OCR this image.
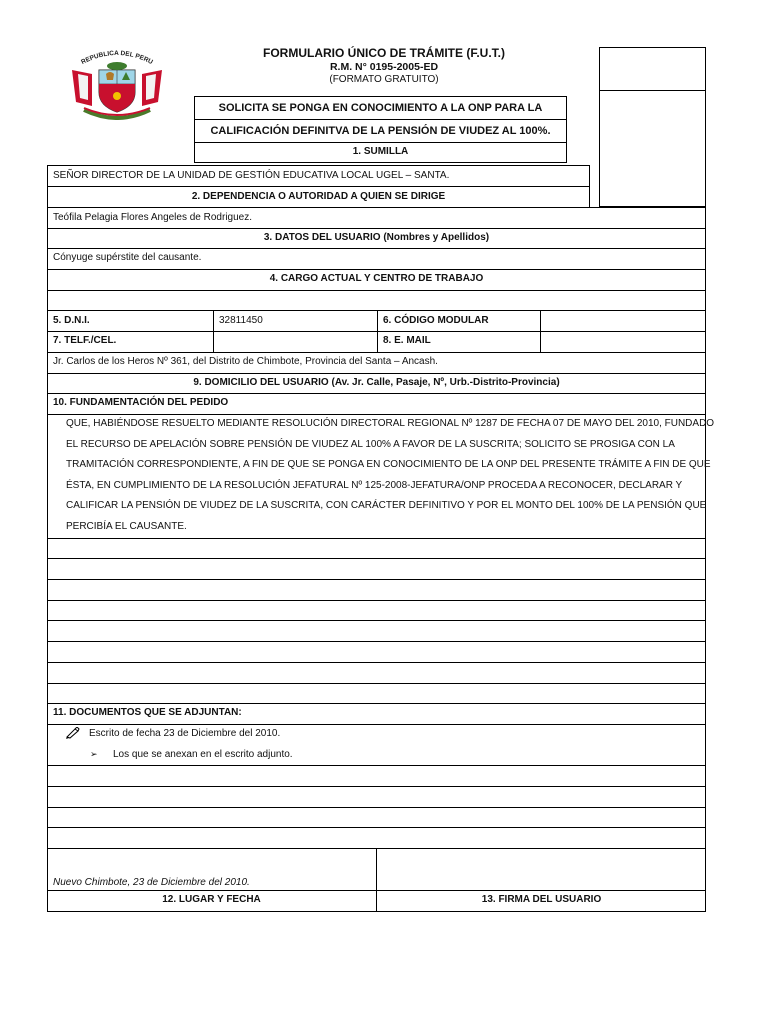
REPUBLICA DEL PERU
FORMULARIO ÚNICO DE TRÁMITE (F.U.T.)
R.M. N° 0195-2005-ED
(FORMATO GRATUITO)
SOLICITA SE PONGA EN CONOCIMIENTO A LA ONP PARA LA
CALIFICACIÓN DEFINITVA DE LA PENSIÓN DE VIUDEZ AL 100%.
1. SUMILLA
SEÑOR DIRECTOR DE LA UNIDAD DE GESTIÓN EDUCATIVA LOCAL UGEL – SANTA.
2. DEPENDENCIA O AUTORIDAD A QUIEN SE DIRIGE
Teófila Pelagia Flores Angeles de Rodriguez.
3. DATOS DEL USUARIO (Nombres y Apellidos)
Cónyuge supérstite del causante.
4. CARGO ACTUAL Y CENTRO DE TRABAJO
5. D.N.I.	32811450	6. CÓDIGO MODULAR
7. TELF./CEL.	8. E. MAIL
Jr. Carlos de los Heros Nº 361, del Distrito de Chimbote, Provincia del Santa – Ancash.
9. DOMICILIO DEL USUARIO (Av. Jr. Calle, Pasaje, Nº, Urb.-Distrito-Provincia)
10. FUNDAMENTACIÓN DEL PEDIDO
QUE, HABIÉNDOSE RESUELTO MEDIANTE RESOLUCIÓN DIRECTORAL REGIONAL Nº 1287 DE FECHA 07 DE MAYO DEL 2010, FUNDADO
EL RECURSO DE APELACIÓN SOBRE PENSIÓN DE VIUDEZ AL 100% A FAVOR DE LA SUSCRITA; SOLICITO SE PROSIGA CON LA
TRAMITACIÓN CORRESPONDIENTE, A FIN DE QUE SE PONGA EN CONOCIMIENTO DE LA ONP DEL PRESENTE TRÁMITE A FIN DE QUE
ÉSTA, EN CUMPLIMIENTO DE LA RESOLUCIÓN JEFATURAL Nº 125-2008-JEFATURA/ONP PROCEDA A RECONOCER, DECLARAR Y
CALIFICAR LA PENSIÓN DE VIUDEZ DE LA SUSCRITA, CON CARÁCTER DEFINITIVO Y POR EL MONTO DEL 100% DE LA PENSIÓN QUE
PERCIBÍA EL CAUSANTE.
11. DOCUMENTOS QUE SE ADJUNTAN:
Escrito de fecha 23 de Diciembre del 2010.
➢ Los que se anexan en el escrito adjunto.
Nuevo Chimbote, 23 de Diciembre del 2010.
12. LUGAR Y FECHA	13. FIRMA DEL USUARIO
